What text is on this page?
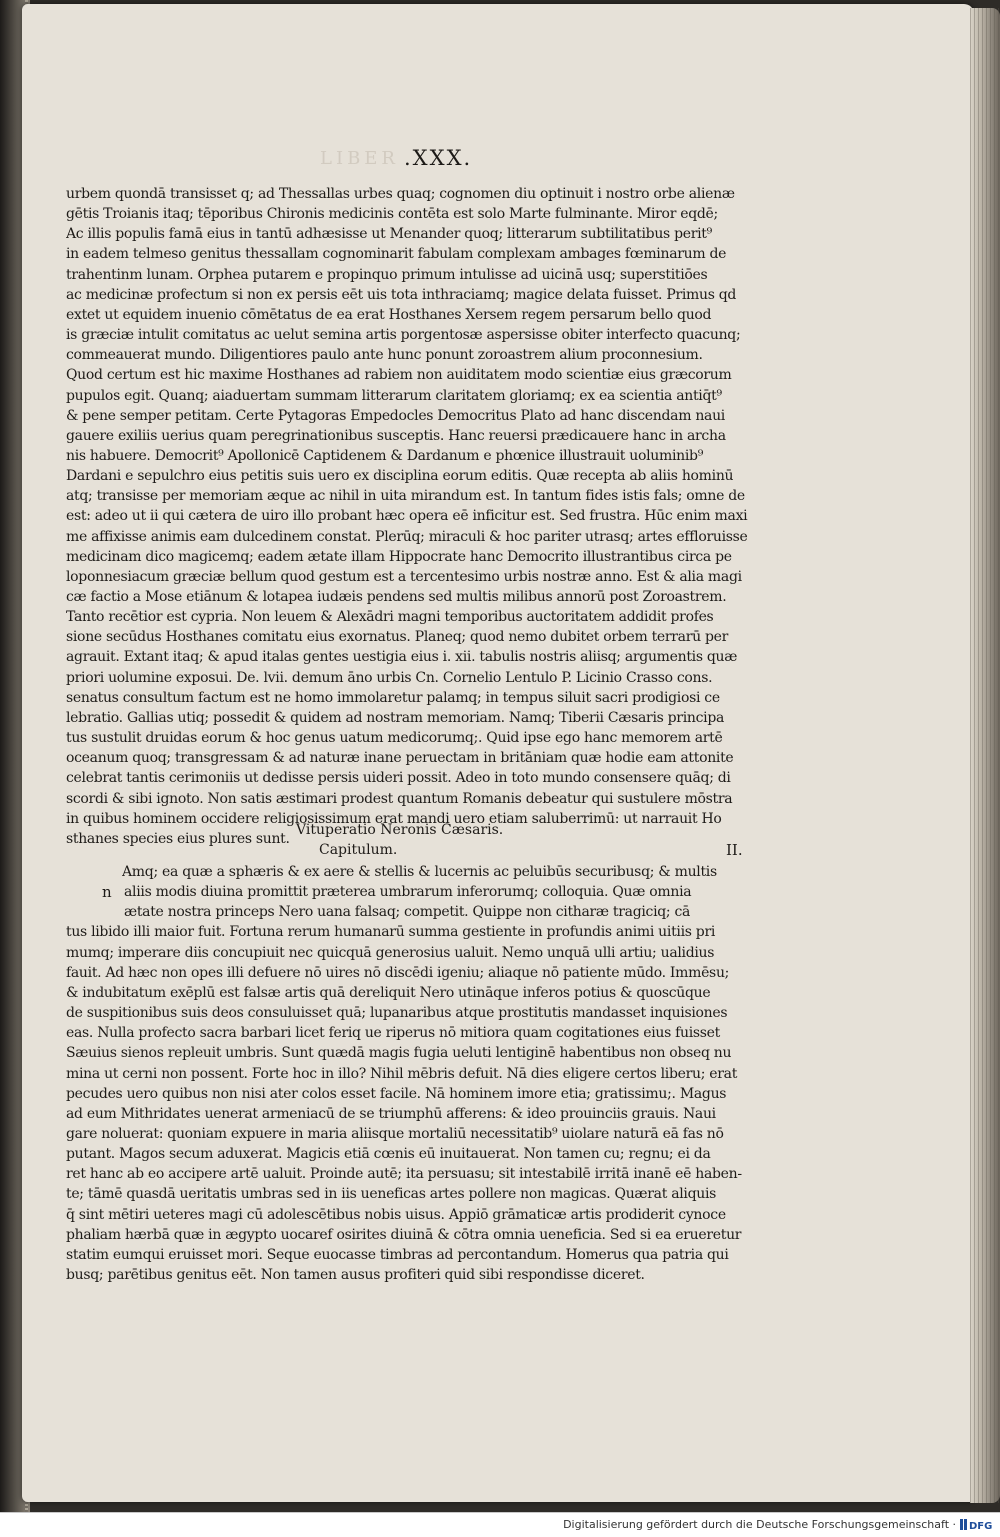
LIBER .XXX.
urbem quondā transisset q; ad Thessallas urbes quaq; cognomen diu optinuit i nostro orbe alienæ
gētis Troianis itaq; tēporibus Chironis medicinis contēta est solo Marte fulminante. Miror eqdē;
Ac illis populis famā eius in tantū adhæsisse ut Menander quoq; litterarum subtilitatibus perit⁹
in eadem telmeso genitus thessallam cognominarit fabulam complexam ambages fœminarum de
trahentinm lunam. Orphea putarem e propinquo primum intulisse ad uicinā usq; superstitiōes
ac medicinæ profectum si non ex persis eēt uis tota inthraciamq; magice delata fuisset. Primus qd
extet ut equidem inuenio cōmētatus de ea erat Hosthanes Xersem regem persarum bello quod
is græciæ intulit comitatus ac uelut semina artis porgentosæ aspersisse obiter interfecto quacunq;
commeauerat mundo. Diligentiores paulo ante hunc ponunt zoroastrem alium proconnesium.
Quod certum est hic maxime Hosthanes ad rabiem non auiditatem modo scientiæ eius græcorum
pupulos egit. Quanq; aiaduertam summam litterarum claritatem gloriamq; ex ea scientia antiq̄t⁹
& pene semper petitam. Certe Pytagoras Empedocles Democritus Plato ad hanc discendam naui
gauere exiliis uerius quam peregrinationibus susceptis. Hanc reuersi prædicauere hanc in archa
nis habuere. Democrit⁹ Apollonicē Captidenem & Dardanum e phœnice illustrauit uoluminib⁹
Dardani e sepulchro eius petitis suis uero ex disciplina eorum editis. Quæ recepta ab aliis hominū
atq; transisse per memoriam æque ac nihil in uita mirandum est. In tantum fides istis fals; omne de
est: adeo ut ii qui cætera de uiro illo probant hæc opera eē inficitur est. Sed frustra. Hūc enim maxi
me affixisse animis eam dulcedinem constat. Plerūq; miraculi & hoc pariter utrasq; artes effloruisse
medicinam dico magicemq; eadem ætate illam Hippocrate hanc Democrito illustrantibus circa pe
loponnesiacum græciæ bellum quod gestum est a tercentesimo urbis nostræ anno. Est & alia magi
cæ factio a Mose etiānum & lotapea iudæis pendens sed multis milibus annorū post Zoroastrem.
Tanto recētior est cypria. Non leuem & Alexādri magni temporibus auctoritatem addidit profes
sione secūdus Hosthanes comitatu eius exornatus. Planeq; quod nemo dubitet orbem terrarū per
agrauit. Extant itaq; & apud italas gentes uestigia eius i. xii. tabulis nostris aliisq; argumentis quæ
priori uolumine exposui. De. lvii. demum āno urbis Cn. Cornelio Lentulo P. Licinio Crasso cons.
senatus consultum factum est ne homo immolaretur palamq; in tempus siluit sacri prodigiosi ce
lebratio. Gallias utiq; possedit & quidem ad nostram memoriam. Namq; Tiberii Cæsaris principa
tus sustulit druidas eorum & hoc genus uatum medicorumq;. Quid ipse ego hanc memorem artē
oceanum quoq; transgressam & ad naturæ inane peruectam in britāniam quæ hodie eam attonite
celebrat tantis cerimoniis ut dedisse persis uideri possit. Adeo in toto mundo consensere quāq; di
scordi & sibi ignoto. Non satis æstimari prodest quantum Romanis debeatur qui sustulere mōstra
in quibus hominem occidere religiosissimum erat mandi uero etiam saluberrimū: ut narrauit Ho
sthanes species eius plures sunt.
Vituperatio Neronis Cæsaris.
Capitulum.	II.
n
Amq; ea quæ a sphæris & ex aere & stellis & lucernis ac peluibūs securibusq; & multis
aliis modis diuina promittit præterea umbrarum inferorumq; colloquia. Quæ omnia
ætate nostra princeps Nero uana falsaq; competit. Quippe non citharæ tragiciq; cā
tus libido illi maior fuit. Fortuna rerum humanarū summa gestiente in profundis animi uitiis pri
mumq; imperare diis concupiuit nec quicquā generosius ualuit. Nemo unquā ulli artiu; ualidius
fauit. Ad hæc non opes illi defuere nō uires nō discēdi igeniu; aliaque nō patiente mūdo. Immēsu;
& indubitatum exēplū est falsæ artis quā dereliquit Nero utināque inferos potius & quoscūque
de suspitionibus suis deos consuluisset quā; lupanaribus atque prostitutis mandasset inquisiones
eas. Nulla profecto sacra barbari licet feriq ue riperus nō mitiora quam cogitationes eius fuisset
Sæuius sienos repleuit umbris. Sunt quædā magis fugia ueluti lentiginē habentibus non obseq nu
mina ut cerni non possent. Forte hoc in illo? Nihil mēbris defuit. Nā dies eligere certos liberu; erat
pecudes uero quibus non nisi ater colos esset facile. Nā hominem imore etia; gratissimu;. Magus
ad eum Mithridates uenerat armeniacū de se triumphū afferens: & ideo prouinciis grauis. Naui
gare noluerat: quoniam expuere in maria aliisque mortaliū necessitatib⁹ uiolare naturā eā fas nō
putant. Magos secum aduxerat. Magicis etiā cœnis eū inuitauerat. Non tamen cu; regnu; ei da
ret hanc ab eo accipere artē ualuit. Proinde autē; ita persuasu; sit intestabilē irritā inanē eē haben-
te; tāmē quasdā ueritatis umbras sed in iis ueneficas artes pollere non magicas. Quærat aliquis
q̄ sint mētiri ueteres magi cū adolescētibus nobis uisus. Appiō grāmaticæ artis prodiderit cynoce
phaliam hærbā quæ in ægypto uocaref osirites diuinā & cōtra omnia ueneficia. Sed si ea erueretur
statim eumqui eruisset mori. Seque euocasse timbras ad percontandum. Homerus qua patria qui
busq; parētibus genitus eēt. Non tamen ausus profiteri quid sibi respondisse diceret.
Digitalisierung gefördert durch die Deutsche Forschungsgemeinschaft · DFG
